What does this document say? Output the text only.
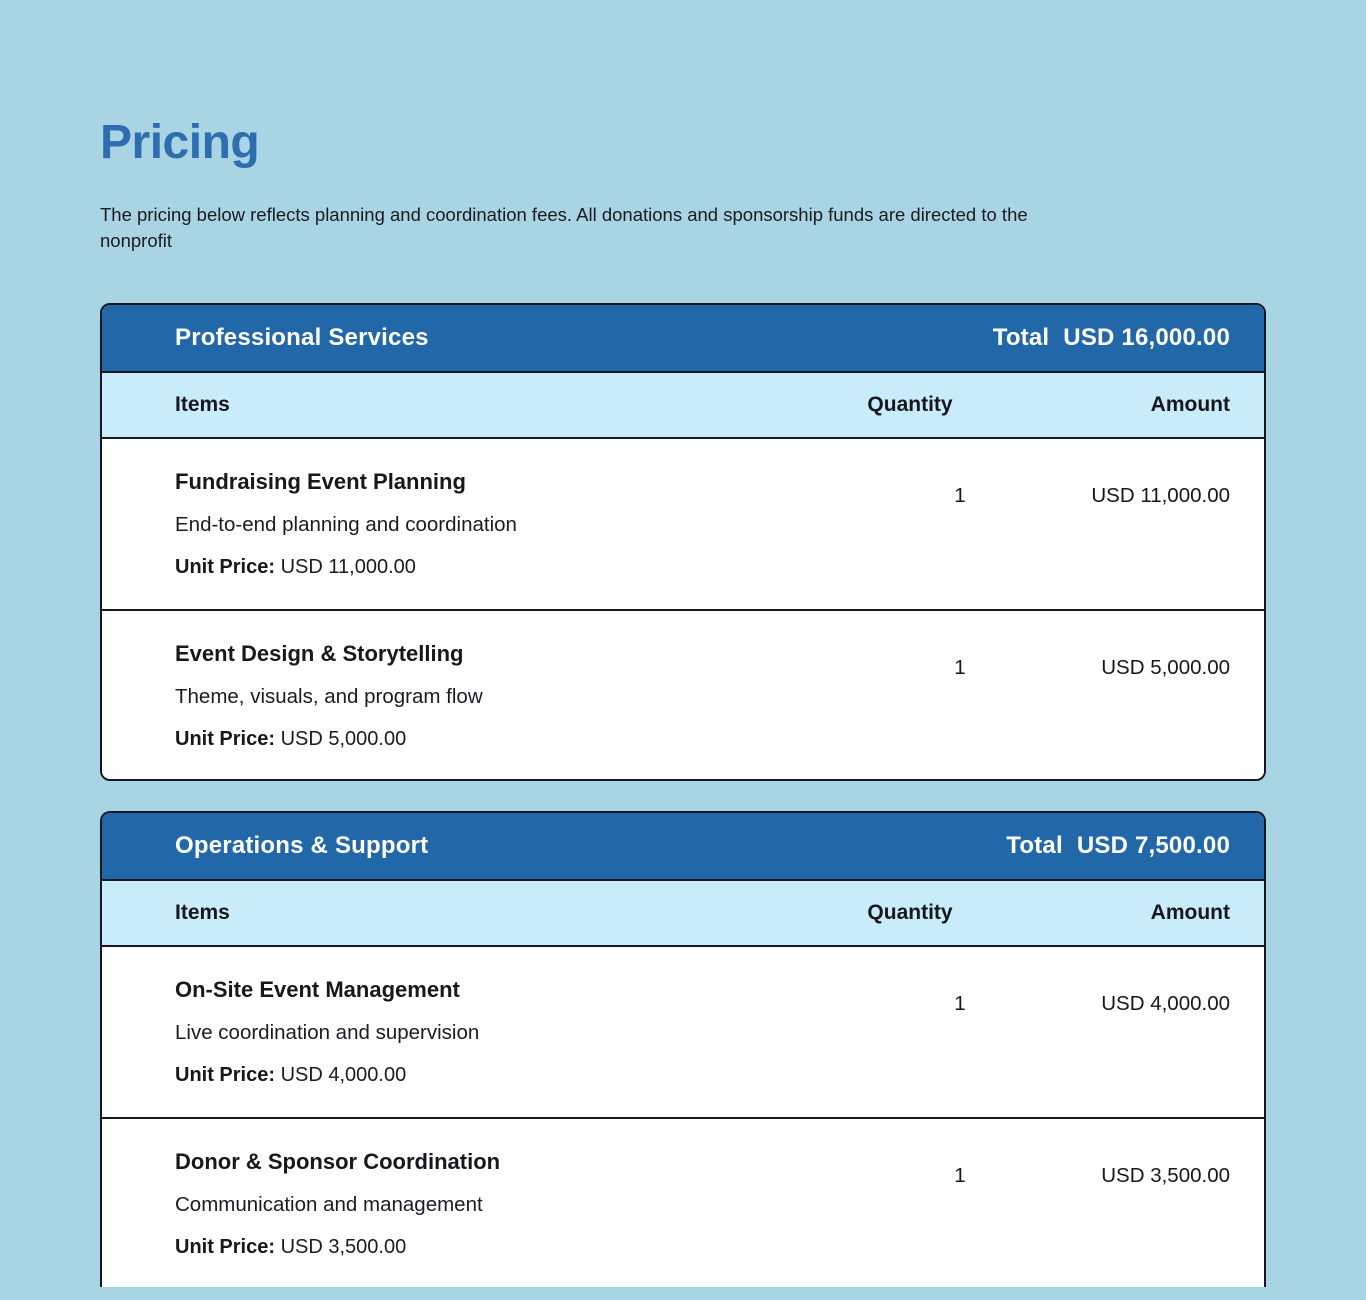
Pricing

The pricing below reflects planning and coordination fees. All donations and sponsorship funds are directed to the
nonprofit

Professional Services	Total USD 16,000.00
Items	Quantity	Amount
Fundraising Event Planning
End-to-end planning and coordination
Unit Price: USD 11,000.00
1	USD 11,000.00
Event Design & Storytelling
Theme, visuals, and program flow
Unit Price: USD 5,000.00
1	USD 5,000.00
Operations & Support	Total USD 7,500.00
Items	Quantity	Amount
On-Site Event Management
Live coordination and supervision
Unit Price: USD 4,000.00
1	USD 4,000.00
Donor & Sponsor Coordination
Communication and management
Unit Price: USD 3,500.00
1	USD 3,500.00
